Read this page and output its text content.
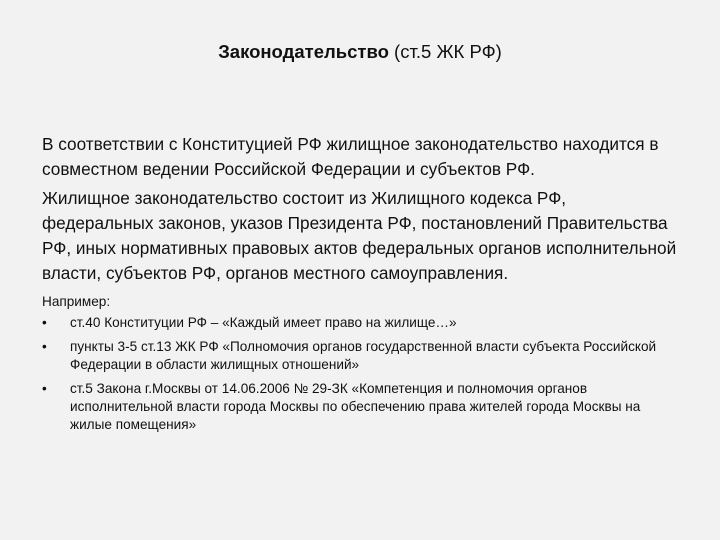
Законодательство (ст.5 ЖК РФ)

В соответствии с Конституцией РФ жилищное законодательство находится в совместном ведении Российской Федерации и субъектов РФ.

Жилищное законодательство состоит из Жилищного кодекса РФ, федеральных законов, указов Президента РФ, постановлений Правительства РФ, иных нормативных правовых актов федеральных органов исполнительной власти, субъектов РФ, органов местного самоуправления.

Например:
• ст.40 Конституции РФ – «Каждый имеет право на жилище…»
• пункты 3-5 ст.13 ЖК РФ «Полномочия органов государственной власти субъекта Российской Федерации в области жилищных отношений»
• ст.5 Закона г.Москвы от 14.06.2006 № 29-ЗК «Компетенция и полномочия органов исполнительной власти города Москвы по обеспечению права жителей города Москвы на жилые помещения»
